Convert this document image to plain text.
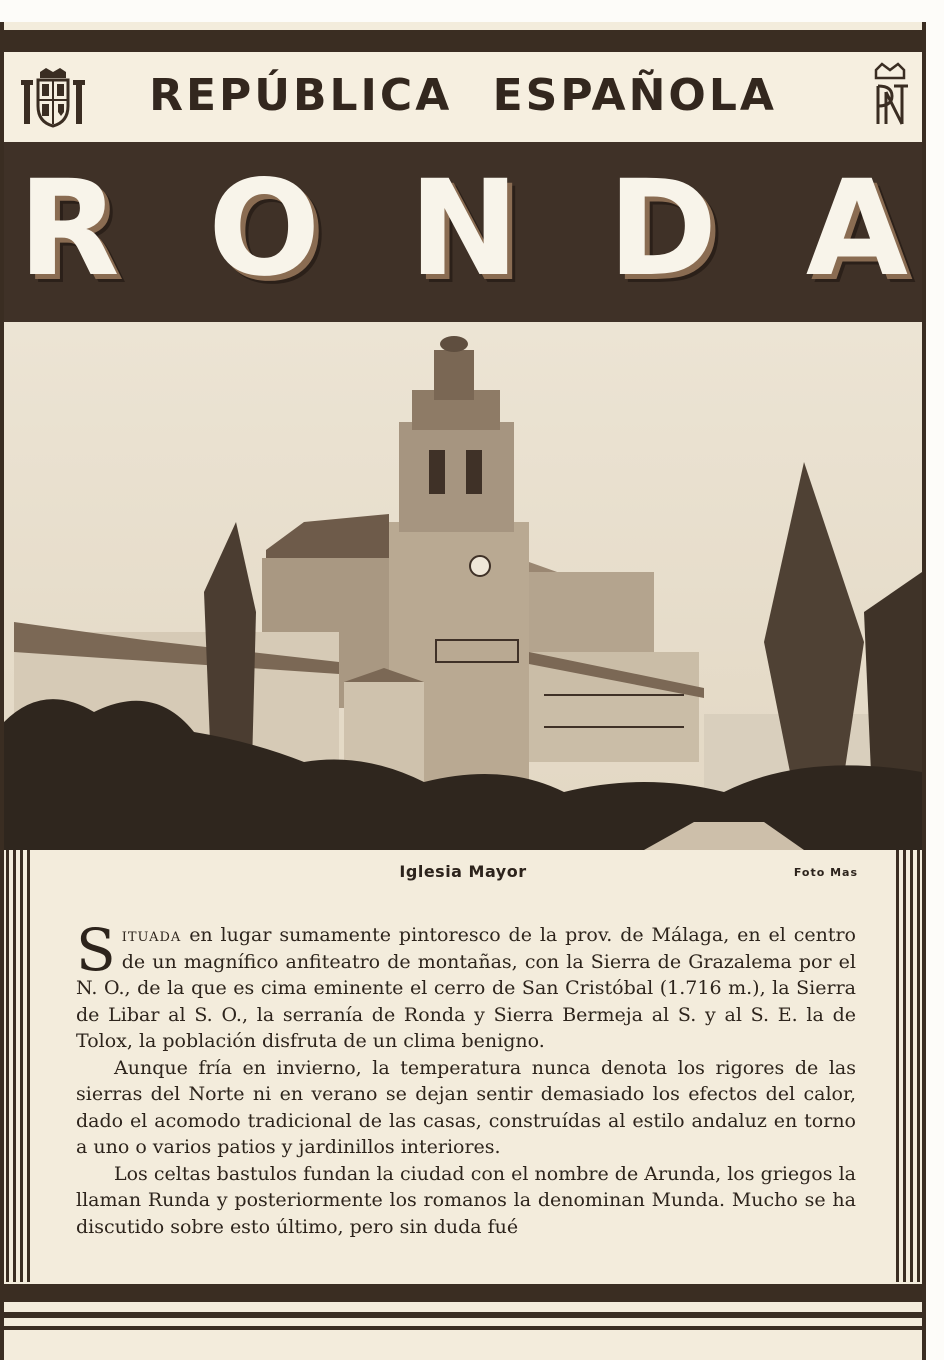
REPÚBLICA ESPAÑOLA
R O N D A
Iglesia Mayor	Foto Mas

Situada en lugar sumamente pintoresco de la prov. de Málaga, en el centro de un magnífico anfiteatro de montañas, con la Sierra de Grazalema por el N. O., de la que es cima eminente el cerro de San Cristóbal (1.716 m.), la Sierra de Libar al S. O., la serranía de Ronda y Sierra Bermeja al S. y al S. E. la de Tolox, la población disfruta de un clima benigno.

Aunque fría en invierno, la temperatura nunca denota los rigores de las sierras del Norte ni en verano se dejan sentir demasiado los efectos del calor, dado el acomodo tradicional de las casas, construídas al estilo andaluz en torno a uno o varios patios y jardinillos interiores.

Los celtas bastulos fundan la ciudad con el nombre de Arunda, los griegos la llaman Runda y posteriormente los romanos la denominan Munda. Mucho se ha discutido sobre esto último, pero sin duda fué
